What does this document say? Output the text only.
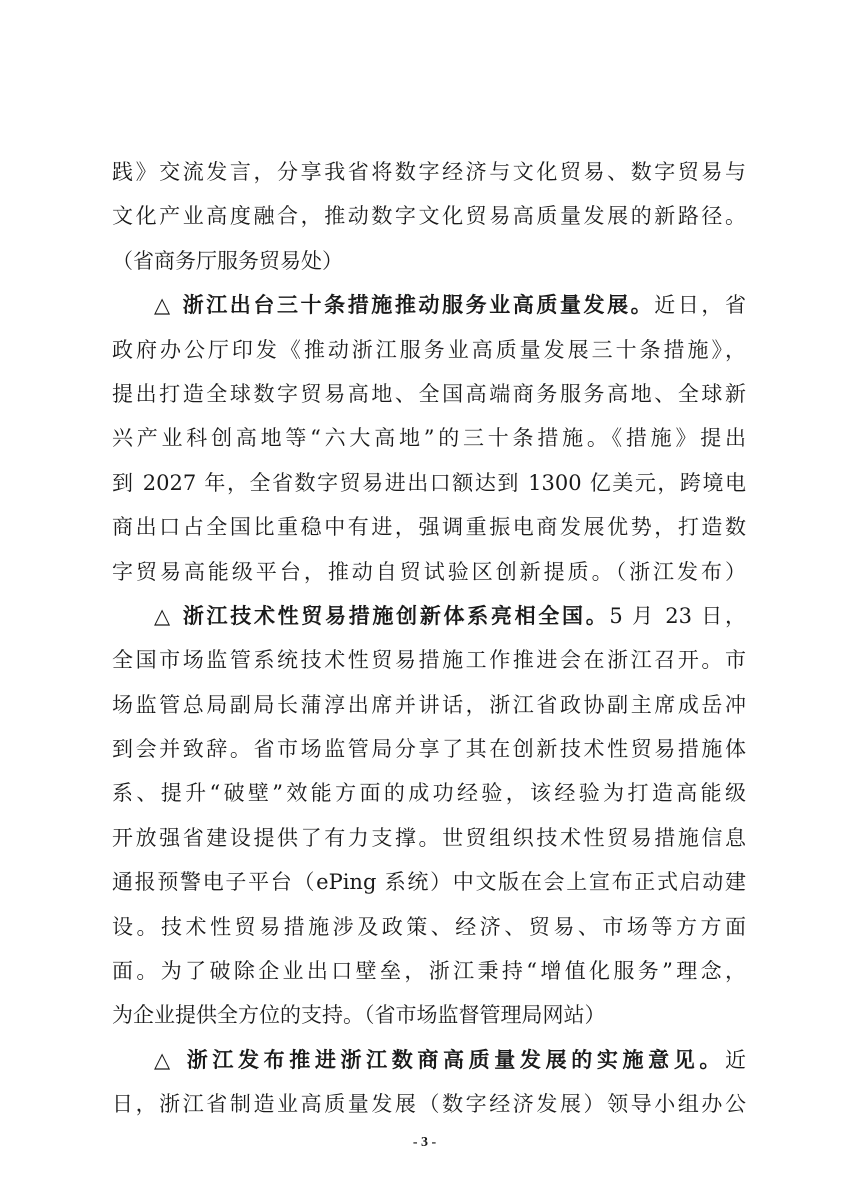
践》交流发言，分享我省将数字经济与文化贸易、数字贸易与
文化产业高度融合，推动数字文化贸易高质量发展的新路径。
（省商务厅服务贸易处）
△ 浙江出台三十条措施推动服务业高质量发展。近日，省
政府办公厅印发《推动浙江服务业高质量发展三十条措施》，
提出打造全球数字贸易高地、全国高端商务服务高地、全球新
兴产业科创高地等“六大高地”的三十条措施。《措施》提出
到 2027 年，全省数字贸易进出口额达到 1300 亿美元，跨境电
商出口占全国比重稳中有进，强调重振电商发展优势，打造数
字贸易高能级平台，推动自贸试验区创新提质。（浙江发布）
△ 浙江技术性贸易措施创新体系亮相全国。5 月 23 日，
全国市场监管系统技术性贸易措施工作推进会在浙江召开。市
场监管总局副局长蒲淳出席并讲话，浙江省政协副主席成岳冲
到会并致辞。省市场监管局分享了其在创新技术性贸易措施体
系、提升“破壁”效能方面的成功经验，该经验为打造高能级
开放强省建设提供了有力支撑。世贸组织技术性贸易措施信息
通报预警电子平台（ePing 系统）中文版在会上宣布正式启动建
设。技术性贸易措施涉及政策、经济、贸易、市场等方方面
面。为了破除企业出口壁垒，浙江秉持“增值化服务”理念，
为企业提供全方位的支持。（省市场监督管理局网站）
△ 浙江发布推进浙江数商高质量发展的实施意见。近
日，浙江省制造业高质量发展（数字经济发展）领导小组办公
- 3 -
